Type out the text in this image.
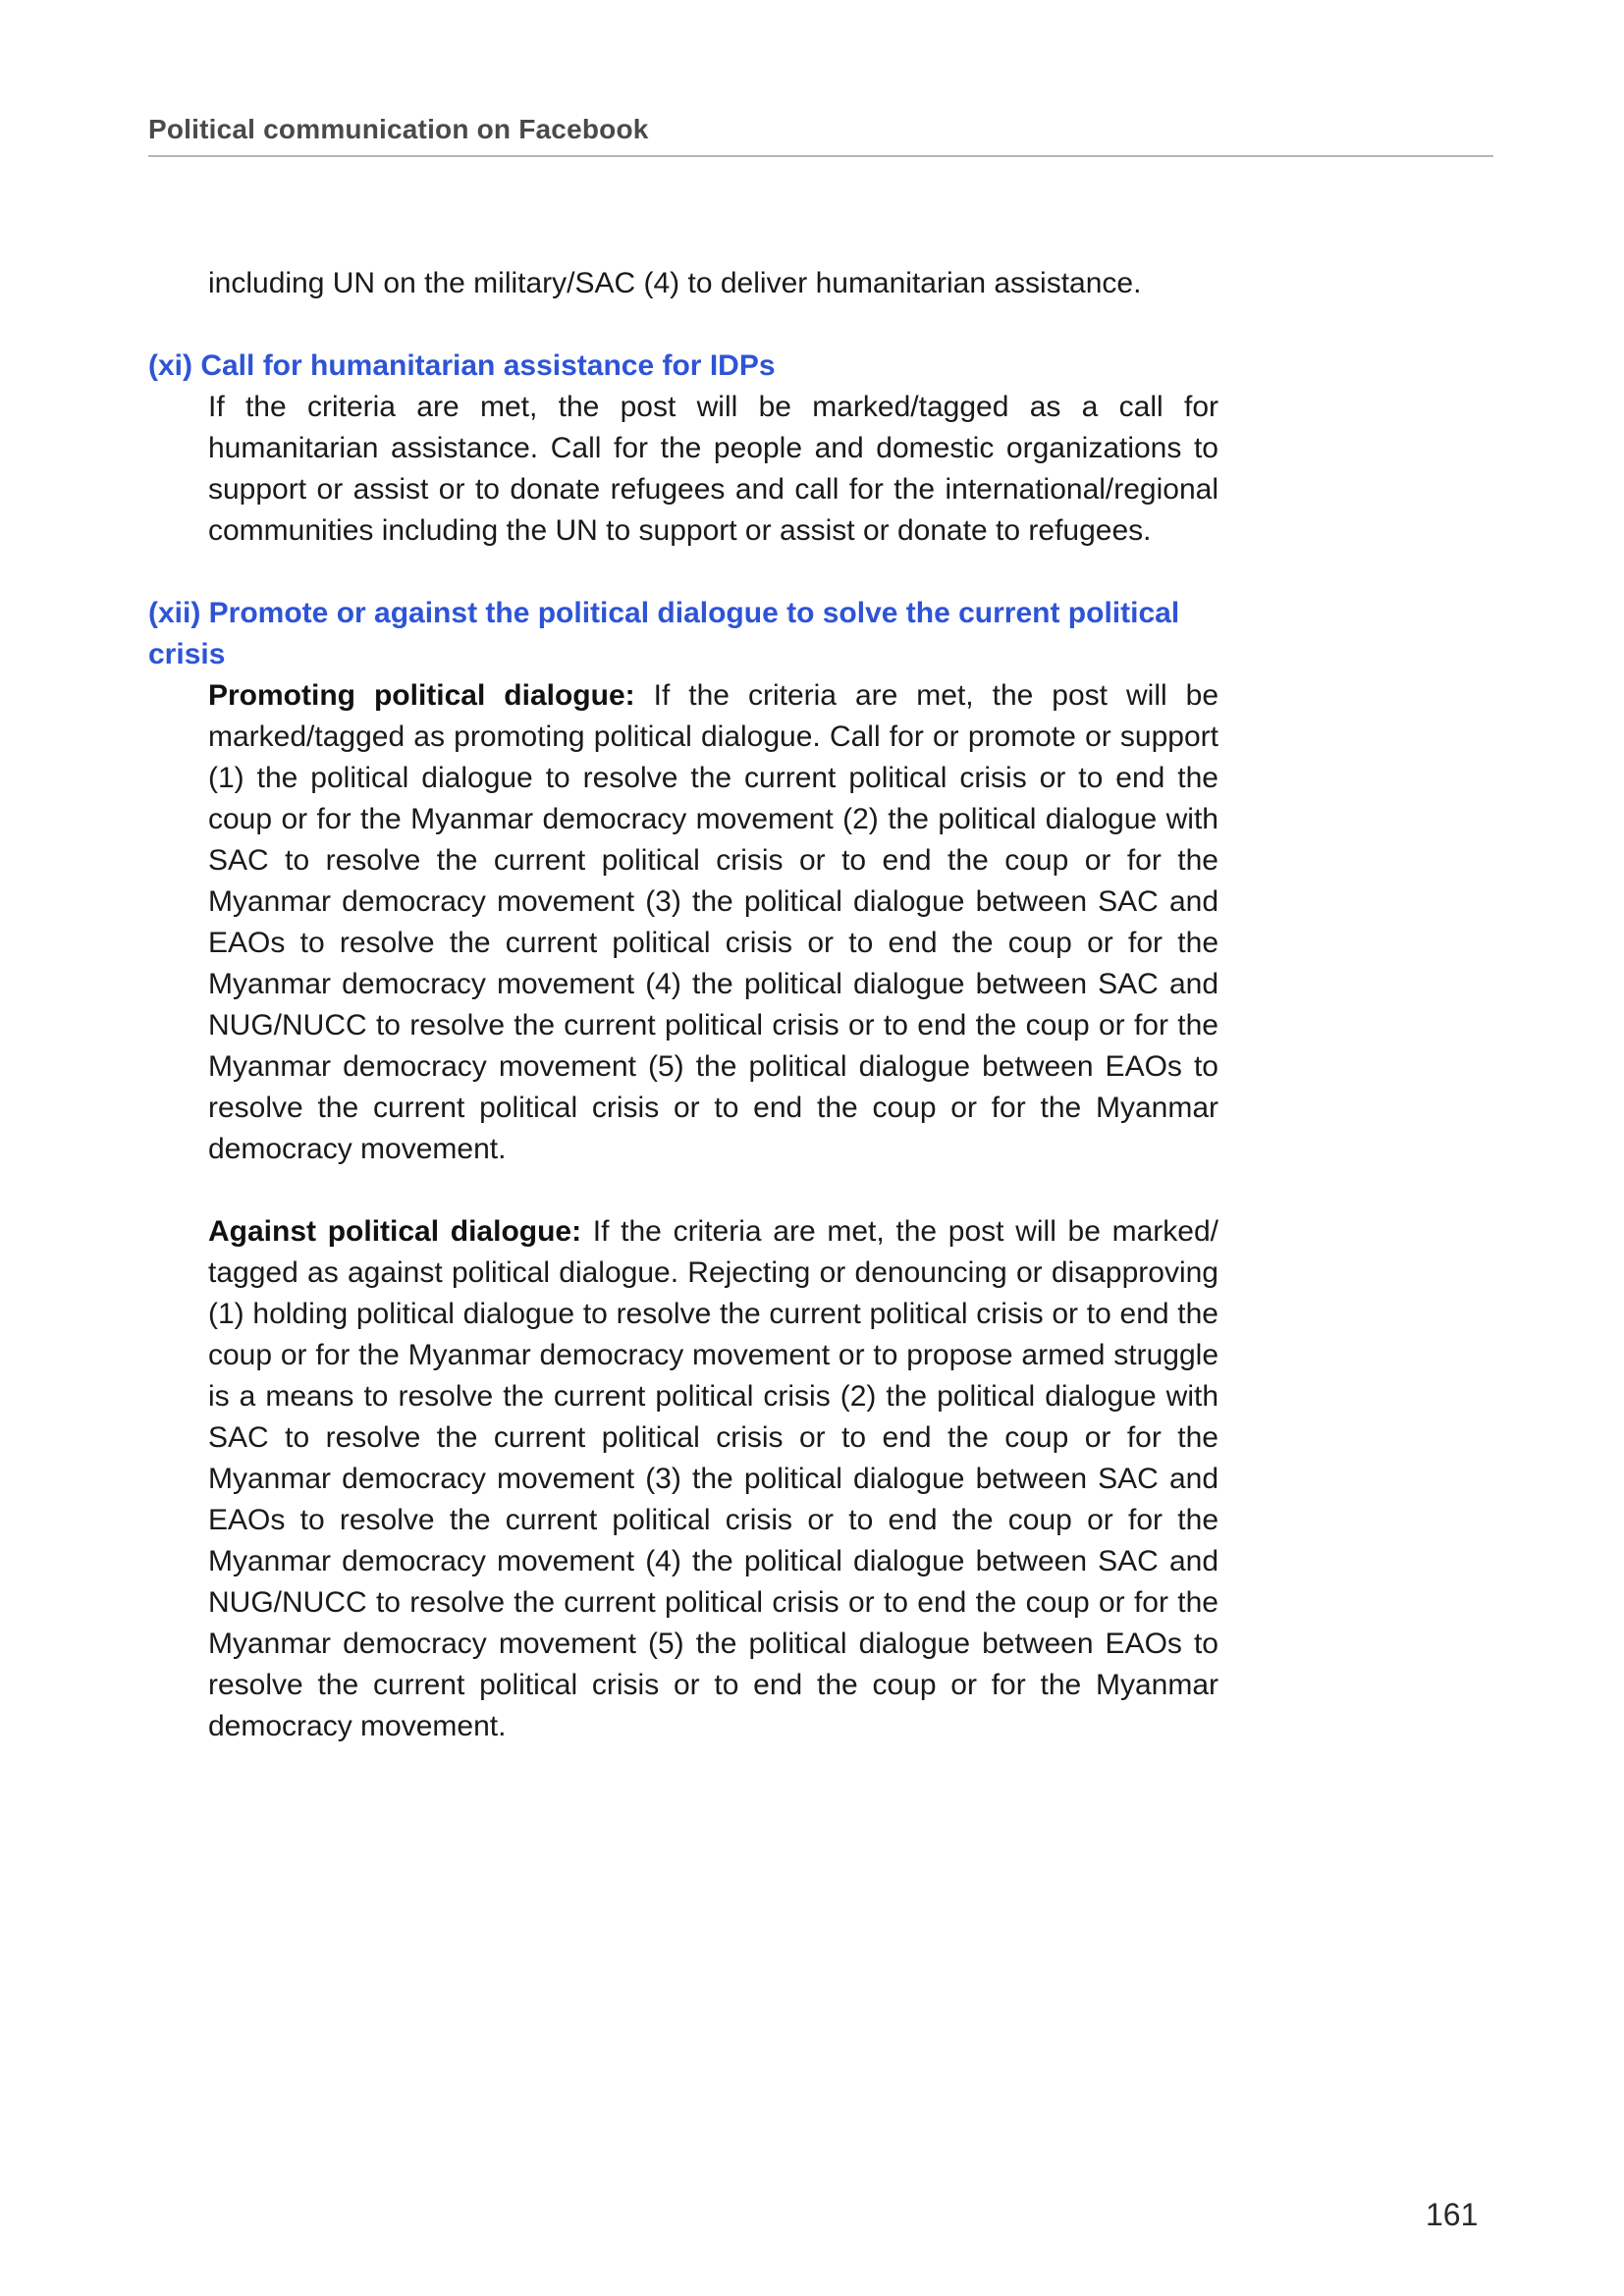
Political communication on Facebook

including UN on the military/SAC (4) to deliver humanitarian assistance.

(xi) Call for humanitarian assistance for IDPs

If the criteria are met, the post will be marked/tagged as a call for humanitarian assistance. Call for the people and domestic organizations to support or assist or to donate refugees and call for the international/regional communities including the UN to support or assist or donate to refugees.

(xii) Promote or against the political dialogue to solve the current political crisis

Promoting political dialogue: If the criteria are met, the post will be marked/tagged as promoting political dialogue. Call for or promote or support (1) the political dialogue to resolve the current political crisis or to end the coup or for the Myanmar democracy movement (2) the political dialogue with SAC to resolve the current political crisis or to end the coup or for the Myanmar democracy movement (3) the political dialogue between SAC and EAOs to resolve the current political crisis or to end the coup or for the Myanmar democracy movement (4) the political dialogue between SAC and NUG/NUCC to resolve the current political crisis or to end the coup or for the Myanmar democracy movement (5) the political dialogue between EAOs to resolve the current political crisis or to end the coup or for the Myanmar democracy movement.

Against political dialogue: If the criteria are met, the post will be marked/ tagged as against political dialogue. Rejecting or denouncing or disapproving (1) holding political dialogue to resolve the current political crisis or to end the coup or for the Myanmar democracy movement or to propose armed struggle is a means to resolve the current political crisis (2) the political dialogue with SAC to resolve the current political crisis or to end the coup or for the Myanmar democracy movement (3) the political dialogue between SAC and EAOs to resolve the current political crisis or to end the coup or for the Myanmar democracy movement (4) the political dialogue between SAC and NUG/NUCC to resolve the current political crisis or to end the coup or for the Myanmar democracy movement (5) the political dialogue between EAOs to resolve the current political crisis or to end the coup or for the Myanmar democracy movement.

161
